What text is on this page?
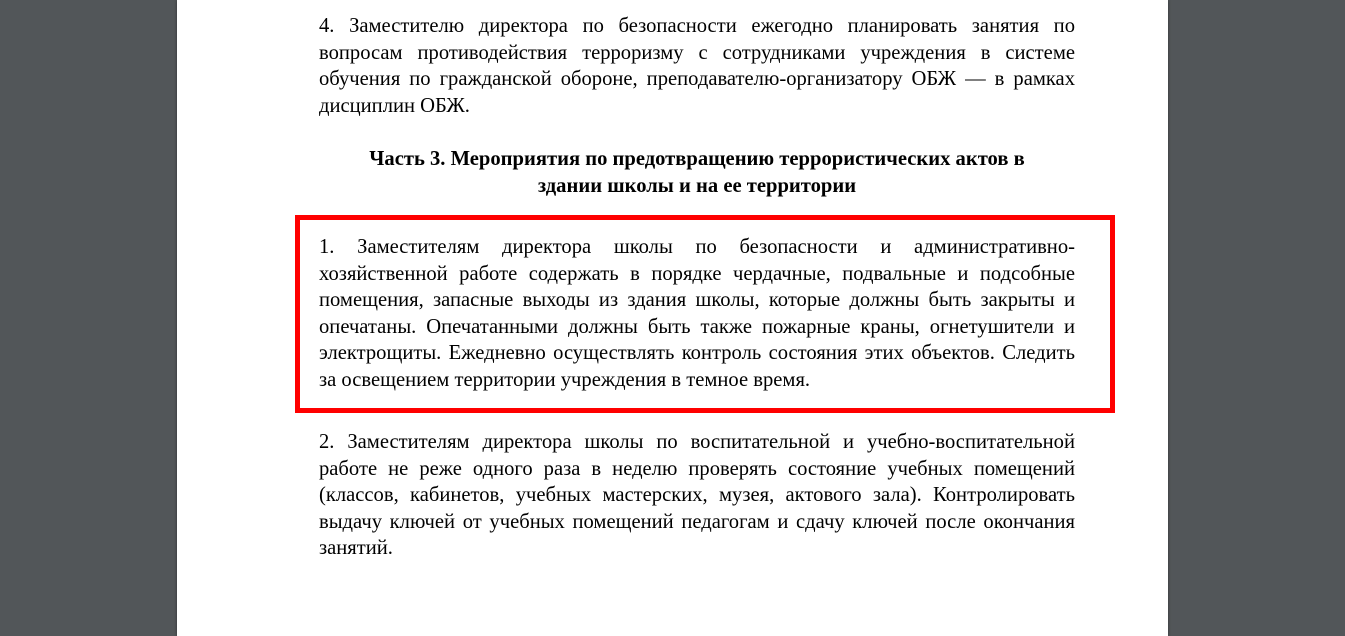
4. Заместителю директора по безопасности ежегодно планировать занятия по вопросам противодействия терроризму с сотрудниками учреждения в системе обучения по гражданской обороне, преподавателю-организатору ОБЖ — в рамках дисциплин ОБЖ.

Часть 3. Мероприятия по предотвращению террористических актов в
здании школы и на ее территории

1. Заместителям директора школы по безопасности и административно-хозяйственной работе содержать в порядке чердачные, подвальные и подсобные помещения, запасные выходы из здания школы, которые должны быть закрыты и опечатаны. Опечатанными должны быть также пожарные краны, огнетушители и электрощиты. Ежедневно осуществлять контроль состояния этих объектов. Следить за освещением территории учреждения в темное время.

2. Заместителям директора школы по воспитательной и учебно-воспитательной работе не реже одного раза в неделю проверять состояние учебных помещений (классов, кабинетов, учебных мастерских, музея, актового зала). Контролировать выдачу ключей от учебных помещений педагогам и сдачу ключей после окончания занятий.
